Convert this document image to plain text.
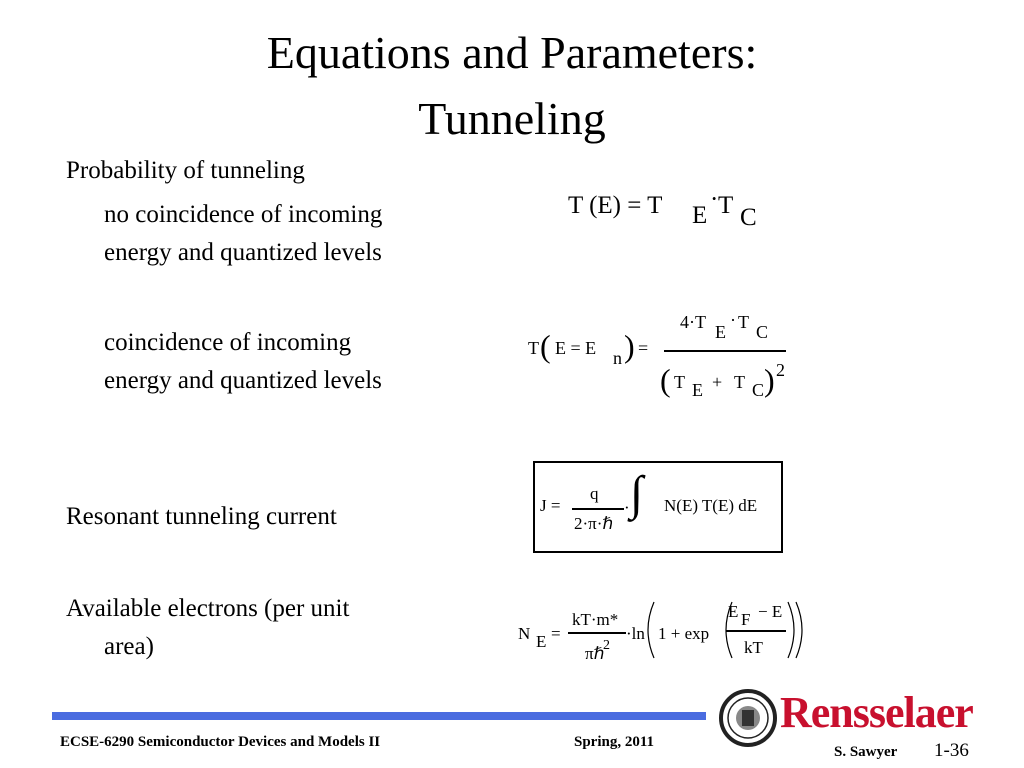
Equations and Parameters:
Tunneling
Probability of tunneling
no coincidence of incoming
energy and quantized levels
coincidence of incoming
energy and quantized levels
Resonant tunneling current
Available electrons (per unit
area)
T (E) = T E
· T C
T ( E = E n ) =
4·T E
· T C
( T E + T C ) 2
J =
q
2·π·ℏ
· ∫ N(E) T(E) dE
N E =
kT·m*
πℏ
2
·ln 1 + exp
E F − E
kT
ECSE-6290 Semiconductor Devices and Models II	Spring, 2011
S. Sawyer 1-36
Rensselaer
